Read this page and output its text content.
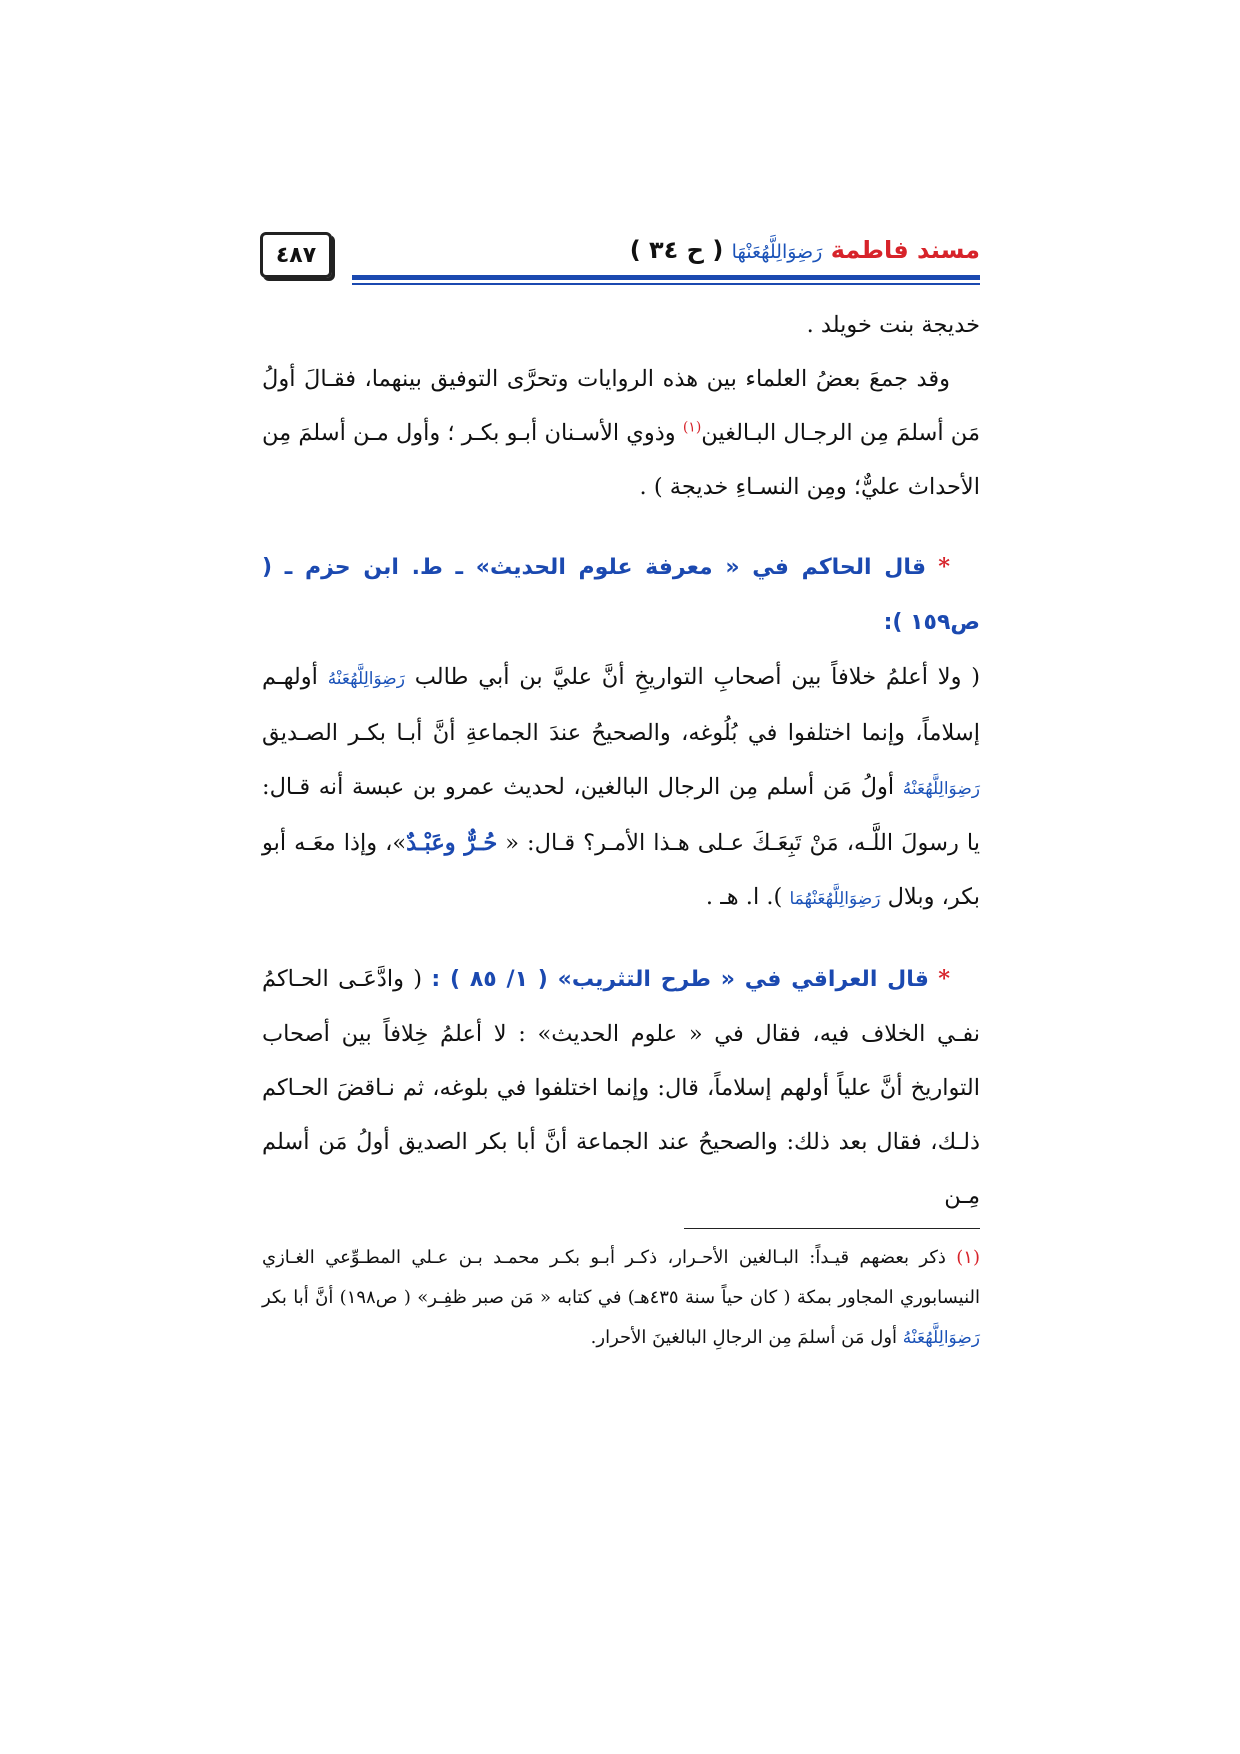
٤٨٧	مسند فاطمة رَضِوَالِلَّهُعَنْهَا ( ح ٣٤ )

خديجة بنت خويلد .

وقد جمعَ بعضُ العلماء بين هذه الروايات وتحرَّى التوفيق بينهما، فقـالَ أولُ مَن أسلمَ مِن الرجـال البـالغين$^{(١)}$ وذوي الأسـنان أبـو بكـر ؛ وأول مـن أسلمَ مِن الأحداث عليٌّ؛ ومِن النسـاءِ خديجة ) .

* قال الحاكم في « معرفة علوم الحديث» ـ ط. ابن حزم ـ ( ص١٥٩ ):

( ولا أعلمُ خلافاً بين أصحابِ التواريخِ أنَّ عليَّ بن أبي طالب رَضِوَالِلَّهُعَنْهُ أولهـم إسلاماً، وإنما اختلفوا في بُلُوغه، والصحيحُ عندَ الجماعةِ أنَّ أبـا بكـر الصـديق رَضِوَالِلَّهُعَنْهُ أولُ مَن أسلم مِن الرجال البالغين، لحديث عمرو بن عبسة أنه قـال: يا رسولَ اللَّـه، مَنْ تَبِعَـكَ عـلى هـذا الأمـر؟ قـال: « حُـرٌّ وعَبْـدٌ»، وإذا معَـه أبو بكر، وبلال رَضِوَالِلَّهُعَنْهُمَا ). ا. هـ .

* قال العراقي في « طرح التثريب» ( ١/ ٨٥ ) : ( وادَّعَـى الحـاكمُ نفـي الخلاف فيه، فقال في « علوم الحديث» : لا أعلمُ خِلافاً بين أصحاب التواريخ أنَّ علياً أولهم إسلاماً، قال: وإنما اختلفوا في بلوغه، ثم نـاقضَ الحـاكم ذلـك، فقال بعد ذلك: والصحيحُ عند الجماعة أنَّ أبا بكر الصديق أولُ مَن أسلم مِـن

(١) ذكر بعضهم قيـداً: البـالغين الأحـرار، ذكـر أبـو بكـر محمـد بـن عـلي المطـوِّعي الغـازي النيسابوري المجاور بمكة ( كان حياً سنة ٤٣٥هـ) في كتابه « مَن صبر ظفِـر» ( ص١٩٨) أنَّ أبا بكر رَضِوَالِلَّهُعَنْهُ أول مَن أسلمَ مِن الرجالِ البالغينَ الأحرار.
